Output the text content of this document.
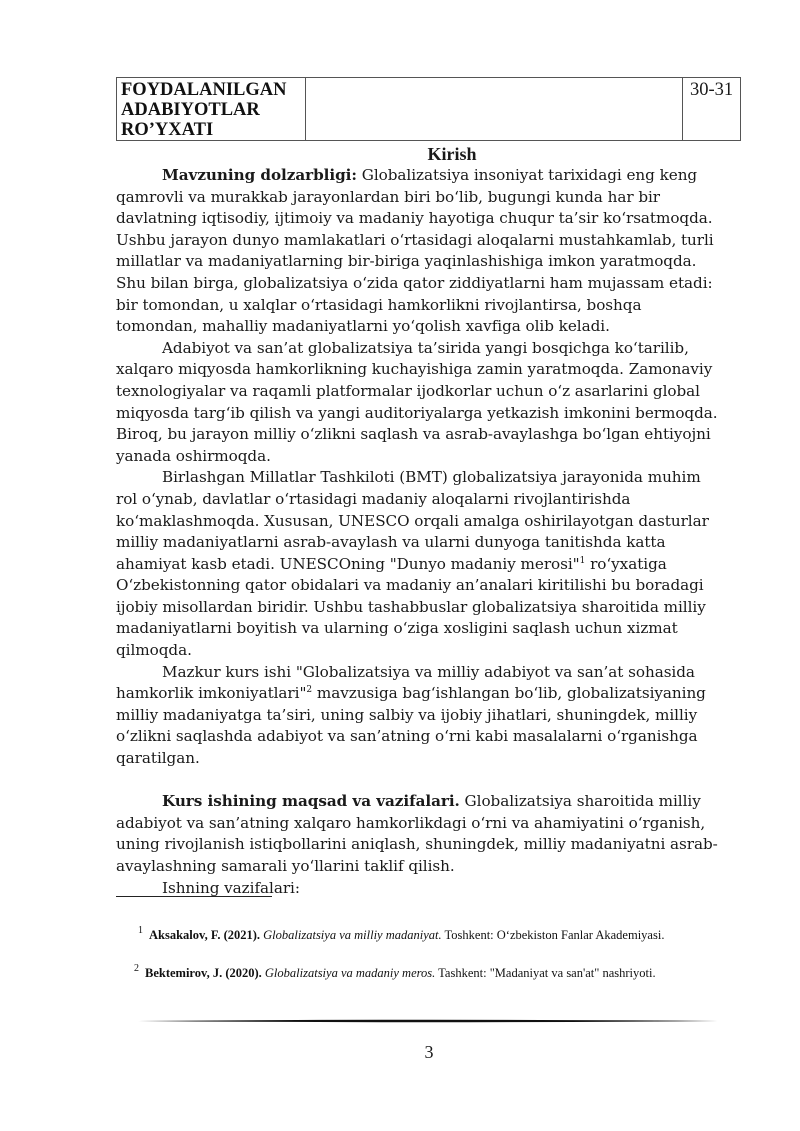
FOYDALANILGAN
ADABIYOTLAR
RO’YXATI
		30-31
Kirish

Mavzuning dolzarbligi: Globalizatsiya insoniyat tarixidagi eng keng qamrovli va murakkab jarayonlardan biri bo‘lib, bugungi kunda har bir davlatning iqtisodiy, ijtimoiy va madaniy hayotiga chuqur ta’sir ko‘rsatmoqda. Ushbu jarayon dunyo mamlakatlari o‘rtasidagi aloqalarni mustahkamlab, turli millatlar va madaniyatlarning bir-biriga yaqinlashishiga imkon yaratmoqda. Shu bilan birga, globalizatsiya o‘zida qator ziddiyatlarni ham mujassam etadi: bir tomondan, u xalqlar o‘rtasidagi hamkorlikni rivojlantirsa, boshqa tomondan, mahalliy madaniyatlarni yo‘qolish xavfiga olib keladi.

Adabiyot va san’at globalizatsiya ta’sirida yangi bosqichga ko‘tarilib, xalqaro miqyosda hamkorlikning kuchayishiga zamin yaratmoqda. Zamonaviy texnologiyalar va raqamli platformalar ijodkorlar uchun o‘z asarlarini global miqyosda targ‘ib qilish va yangi auditoriyalarga yetkazish imkonini bermoqda. Biroq, bu jarayon milliy o‘zlikni saqlash va asrab-avaylashga bo‘lgan ehtiyojni yanada oshirmoqda.

Birlashgan Millatlar Tashkiloti (BMT) globalizatsiya jarayonida muhim rol o‘ynab, davlatlar o‘rtasidagi madaniy aloqalarni rivojlantirishda ko‘maklashmoqda. Xususan, UNESCO orqali amalga oshirilayotgan dasturlar milliy madaniyatlarni asrab-avaylash va ularni dunyoga tanitishda katta ahamiyat kasb etadi. UNESCOning "Dunyo madaniy merosi"$^1$ ro‘yxatiga O‘zbekistonning qator obidalari va madaniy an’analari kiritilishi bu boradagi ijobiy misollardan biridir. Ushbu tashabbuslar globalizatsiya sharoitida milliy madaniyatlarni boyitish va ularning o‘ziga xosligini saqlash uchun xizmat qilmoqda.

Mazkur kurs ishi "Globalizatsiya va milliy adabiyot va san’at sohasida hamkorlik imkoniyatlari"$^2$ mavzusiga bag‘ishlangan bo‘lib, globalizatsiyaning milliy madaniyatga ta’siri, uning salbiy va ijobiy jihatlari, shuningdek, milliy o‘zlikni saqlashda adabiyot va san’atning o‘rni kabi masalalarni o‘rganishga qaratilgan.

Kurs ishining maqsad va vazifalari. Globalizatsiya sharoitida milliy adabiyot va san’atning xalqaro hamkorlikdagi o‘rni va ahamiyatini o‘rganish, uning rivojlanish istiqbollarini aniqlash, shuningdek, milliy madaniyatni asrab-avaylashning samarali yo‘llarini taklif qilish.

Ishning vazifalari:

$^1$ Aksakalov, F. (2021). Globalizatsiya va milliy madaniyat. Toshkent: O‘zbekiston Fanlar Akademiyasi.
$^2$ Bektemirov, J. (2020). Globalizatsiya va madaniy meros. Tashkent: "Madaniyat va san'at" nashriyoti.
3
